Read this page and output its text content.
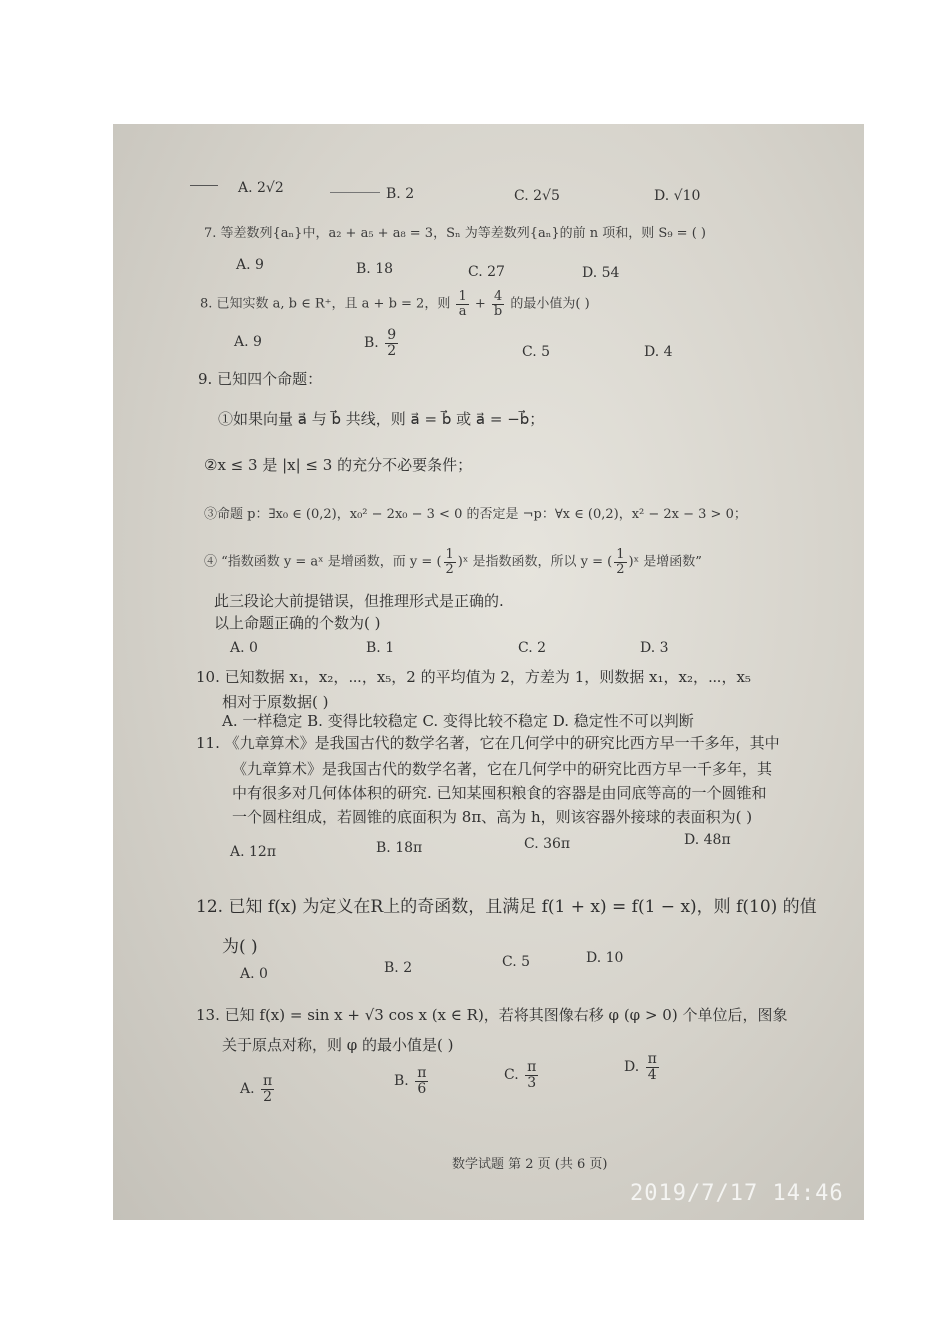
A. 2√2	B. 2	C. 2√5	D. √10
7. 等差数列{aₙ}中，a₂ + a₅ + a₈ = 3，Sₙ 为等差数列{aₙ}的前 n 项和，则 S₉ = ( )
A. 9	B. 18	C. 27	D. 54
8. 已知实数 a, b ∈ R⁺，且 a + b = 2，则 $\frac{1}{a} + \frac{4}{b}$ 的最小值为( )
A. 9	B. $\frac{9}{2}$	C. 5	D. 4
9. 已知四个命题：
①如果向量 a⃗ 与 b⃗ 共线，则 a⃗ = b⃗ 或 a⃗ = −b⃗；
②x ≤ 3 是 |x| ≤ 3 的充分不必要条件；
③命题 p：∃x₀ ∈ (0,2)，x₀² − 2x₀ − 3 < 0 的否定是 ¬p：∀x ∈ (0,2)，x² − 2x − 3 > 0；
④ “指数函数 y = aˣ 是增函数，而 y = ( $\frac{1}{2}$ )ˣ 是指数函数，所以 y = ( $\frac{1}{2}$ )ˣ 是增函数”
此三段论大前提错误，但推理形式是正确的.
以上命题正确的个数为( )
A. 0	B. 1	C. 2	D. 3
10. 已知数据 x₁，x₂，⋯，x₅，2 的平均值为 2，方差为 1，则数据 x₁，x₂，⋯，x₅
相对于原数据( )
A. 一样稳定 B. 变得比较稳定 C. 变得比较不稳定 D. 稳定性不可以判断
11. 《九章算术》是我国古代的数学名著，它在几何学中的研究比西方早一千多年，其中
《九章算术》是我国古代的数学名著，它在几何学中的研究比西方早一千多年，其
中有很多对几何体体积的研究. 已知某囤积粮食的容器是由同底等高的一个圆锥和
一个圆柱组成，若圆锥的底面积为 8π、高为 h，则该容器外接球的表面积为( )
A. 12π	B. 18π	C. 36π	D. 48π
12. 已知 f(x) 为定义在R上的奇函数，且满足 f(1 + x) = f(1 − x)，则 f(10) 的值
为( )
A. 0	B. 2	C. 5	D. 10
13. 已知 f(x) = sin x + √3 cos x (x ∈ R)，若将其图像右移 φ (φ > 0) 个单位后，图象
关于原点对称，则 φ 的最小值是( )
A. $\frac{\pi}{2}$	B. $\frac{\pi}{6}$	C. $\frac{\pi}{3}$	D. $\frac{\pi}{4}$
数学试题 第 2 页 (共 6 页)
2019/7/17 14:46
